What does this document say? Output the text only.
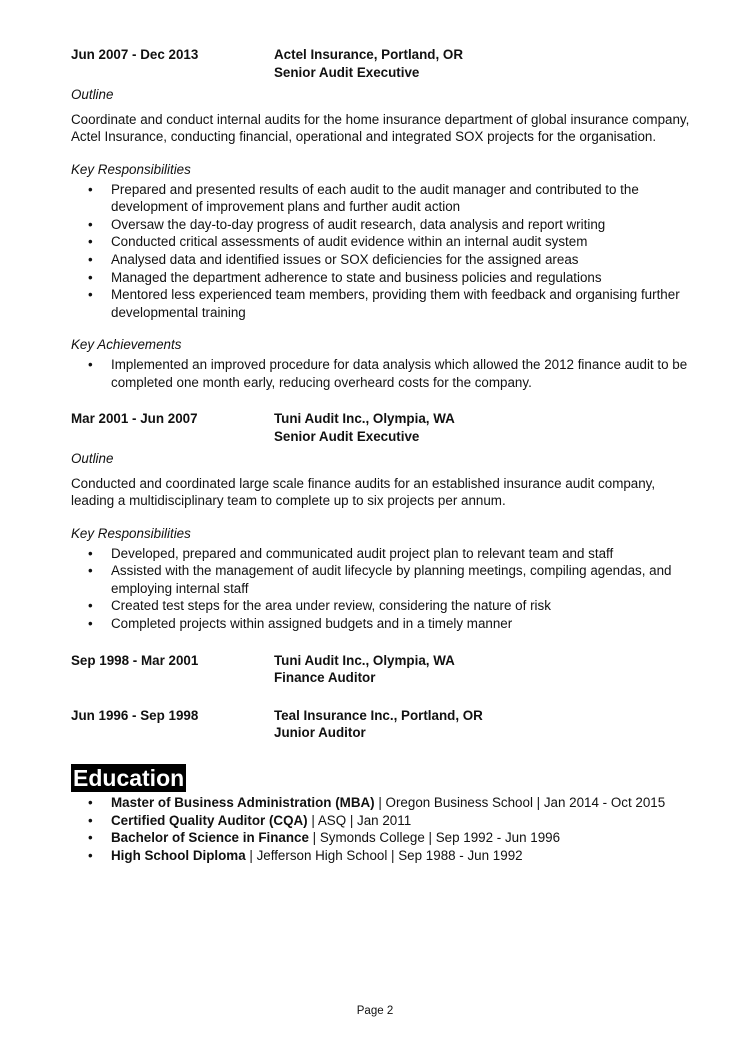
Jun 2007 - Dec 2013	Actel Insurance, Portland, OR
Senior Audit Executive
Outline
Coordinate and conduct internal audits for the home insurance department of global insurance company, Actel Insurance, conducting financial, operational and integrated SOX projects for the organisation.
Key Responsibilities
• Prepared and presented results of each audit to the audit manager and contributed to the development of improvement plans and further audit action
• Oversaw the day-to-day progress of audit research, data analysis and report writing
• Conducted critical assessments of audit evidence within an internal audit system
• Analysed data and identified issues or SOX deficiencies for the assigned areas
• Managed the department adherence to state and business policies and regulations
• Mentored less experienced team members, providing them with feedback and organising further developmental training
Key Achievements
• Implemented an improved procedure for data analysis which allowed the 2012 finance audit to be completed one month early, reducing overheard costs for the company.
Mar 2001 - Jun 2007	Tuni Audit Inc., Olympia, WA
Senior Audit Executive
Outline
Conducted and coordinated large scale finance audits for an established insurance audit company, leading a multidisciplinary team to complete up to six projects per annum.
Key Responsibilities
• Developed, prepared and communicated audit project plan to relevant team and staff
• Assisted with the management of audit lifecycle by planning meetings, compiling agendas, and employing internal staff
• Created test steps for the area under review, considering the nature of risk
• Completed projects within assigned budgets and in a timely manner
Sep 1998 - Mar 2001	Tuni Audit Inc., Olympia, WA
Finance Auditor
Jun 1996 - Sep 1998	Teal Insurance Inc., Portland, OR
Junior Auditor
Education
• Master of Business Administration (MBA) | Oregon Business School | Jan 2014 - Oct 2015
• Certified Quality Auditor (CQA) | ASQ | Jan 2011
• Bachelor of Science in Finance | Symonds College | Sep 1992 - Jun 1996
• High School Diploma | Jefferson High School | Sep 1988 - Jun 1992
Page 2
